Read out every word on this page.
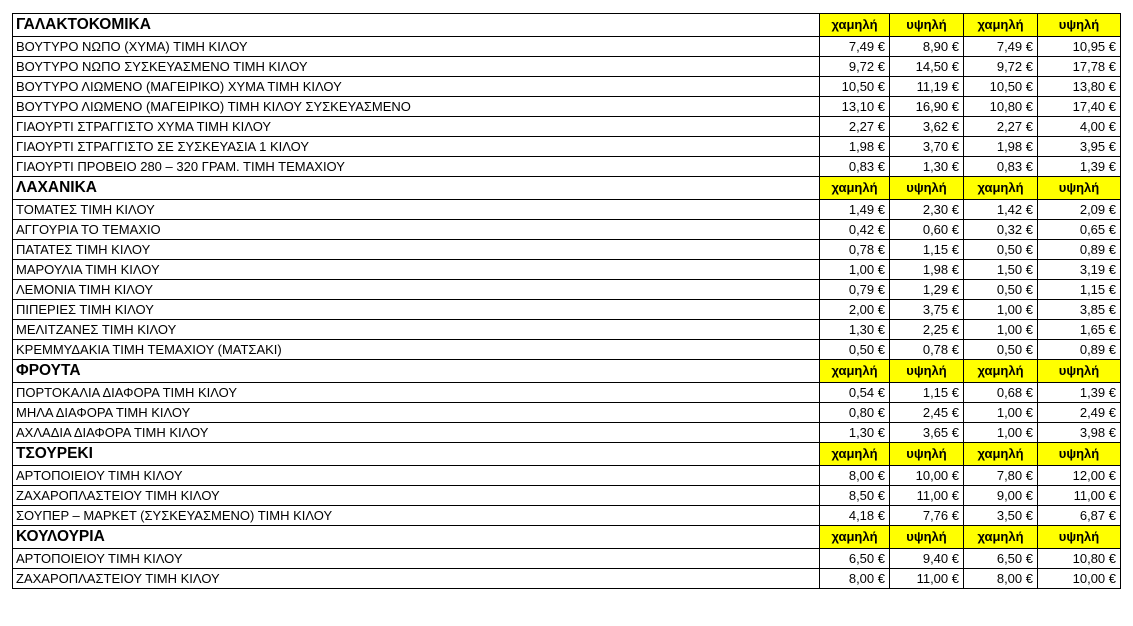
ΓΑΛΑΚΤΟΚΟΜΙΚΑ	χαμηλή	υψηλή	χαμηλή	υψηλή
ΒΟΥΤΥΡΟ ΝΩΠΟ (ΧΥΜΑ) ΤΙΜΗ ΚΙΛΟΥ	7,49 €	8,90 €	7,49 €	10,95 €
ΒΟΥΤΥΡΟ ΝΩΠΟ ΣΥΣΚΕΥΑΣΜΕΝΟ ΤΙΜΗ ΚΙΛΟΥ	9,72 €	14,50 €	9,72 €	17,78 €
ΒΟΥΤΥΡΟ ΛΙΩΜΕΝΟ (ΜΑΓΕΙΡΙΚΟ) ΧΥΜΑ ΤΙΜΗ ΚΙΛΟΥ	10,50 €	11,19 €	10,50 €	13,80 €
ΒΟΥΤΥΡΟ ΛΙΩΜΕΝΟ (ΜΑΓΕΙΡΙΚΟ) ΤΙΜΗ ΚΙΛΟΥ ΣΥΣΚΕΥΑΣΜΕΝΟ	13,10 €	16,90 €	10,80 €	17,40 €
ΓΙΑΟΥΡΤΙ ΣΤΡΑΓΓΙΣΤΟ ΧΥΜΑ ΤΙΜΗ ΚΙΛΟΥ	2,27 €	3,62 €	2,27 €	4,00 €
ΓΙΑΟΥΡΤΙ ΣΤΡΑΓΓΙΣΤΟ ΣΕ ΣΥΣΚΕΥΑΣΙΑ 1 ΚΙΛΟΥ	1,98 €	3,70 €	1,98 €	3,95 €
ΓΙΑΟΥΡΤΙ ΠΡΟΒΕΙΟ 280 – 320 ΓΡΑΜ. ΤΙΜΗ ΤΕΜΑΧΙΟΥ	0,83 €	1,30 €	0,83 €	1,39 €
ΛΑΧΑΝΙΚΑ	χαμηλή	υψηλή	χαμηλή	υψηλή
ΤΟΜΑΤΕΣ ΤΙΜΗ ΚΙΛΟΥ	1,49 €	2,30 €	1,42 €	2,09 €
ΑΓΓΟΥΡΙΑ ΤΟ ΤΕΜΑΧΙΟ	0,42 €	0,60 €	0,32 €	0,65 €
ΠΑΤΑΤΕΣ ΤΙΜΗ ΚΙΛΟΥ	0,78 €	1,15 €	0,50 €	0,89 €
ΜΑΡΟΥΛΙΑ ΤΙΜΗ ΚΙΛΟΥ	1,00 €	1,98 €	1,50 €	3,19 €
ΛΕΜΟΝΙΑ ΤΙΜΗ ΚΙΛΟΥ	0,79 €	1,29 €	0,50 €	1,15 €
ΠΙΠΕΡΙΕΣ ΤΙΜΗ ΚΙΛΟΥ	2,00 €	3,75 €	1,00 €	3,85 €
ΜΕΛΙΤΖΑΝΕΣ ΤΙΜΗ ΚΙΛΟΥ	1,30 €	2,25 €	1,00 €	1,65 €
ΚΡΕΜΜΥΔΑΚΙΑ ΤΙΜΗ ΤΕΜΑΧΙΟΥ (ΜΑΤΣΑΚΙ)	0,50 €	0,78 €	0,50 €	0,89 €
ΦΡΟΥΤΑ	χαμηλή	υψηλή	χαμηλή	υψηλή
ΠΟΡΤΟΚΑΛΙΑ ΔΙΑΦΟΡΑ ΤΙΜΗ ΚΙΛΟΥ	0,54 €	1,15 €	0,68 €	1,39 €
ΜΗΛΑ ΔΙΑΦΟΡΑ ΤΙΜΗ ΚΙΛΟΥ	0,80 €	2,45 €	1,00 €	2,49 €
ΑΧΛΑΔΙΑ ΔΙΑΦΟΡΑ ΤΙΜΗ ΚΙΛΟΥ	1,30 €	3,65 €	1,00 €	3,98 €
ΤΣΟΥΡΕΚΙ	χαμηλή	υψηλή	χαμηλή	υψηλή
ΑΡΤΟΠΟΙΕΙΟΥ ΤΙΜΗ ΚΙΛΟΥ	8,00 €	10,00 €	7,80 €	12,00 €
ΖΑΧΑΡΟΠΛΑΣΤΕΙΟΥ ΤΙΜΗ ΚΙΛΟΥ	8,50 €	11,00 €	9,00 €	11,00 €
ΣΟΥΠΕΡ – ΜΑΡΚΕΤ (ΣΥΣΚΕΥΑΣΜΕΝΟ) ΤΙΜΗ ΚΙΛΟΥ	4,18 €	7,76 €	3,50 €	6,87 €
ΚΟΥΛΟΥΡΙΑ	χαμηλή	υψηλή	χαμηλή	υψηλή
ΑΡΤΟΠΟΙΕΙΟΥ ΤΙΜΗ ΚΙΛΟΥ	6,50 €	9,40 €	6,50 €	10,80 €
ΖΑΧΑΡΟΠΛΑΣΤΕΙΟΥ ΤΙΜΗ ΚΙΛΟΥ	8,00 €	11,00 €	8,00 €	10,00 €
